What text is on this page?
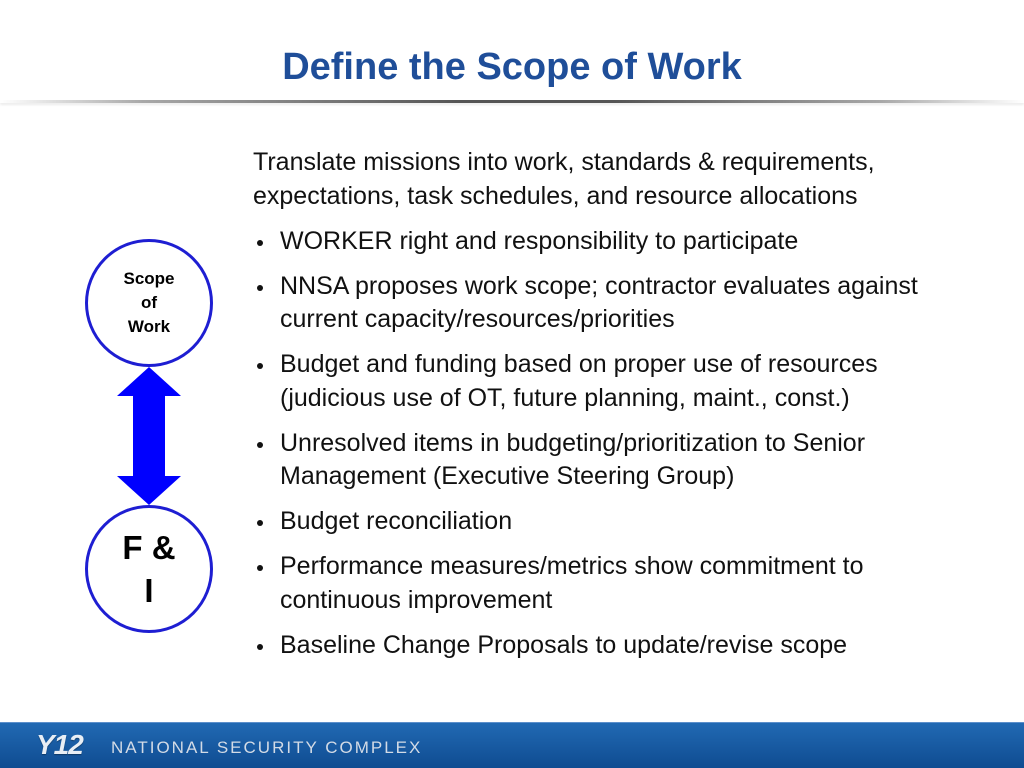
Define the Scope of Work
Scope
of
Work
F &
I

Translate missions into work, standards & requirements,
expectations, task schedules, and resource allocations

WORKER right and responsibility to participate
NNSA proposes work scope; contractor evaluates against
current capacity/resources/priorities
Budget and funding based on proper use of resources
(judicious use of OT, future planning, maint., const.)
Unresolved items in budgeting/prioritization to Senior
Management (Executive Steering Group)
Budget reconciliation
Performance measures/metrics show commitment to
continuous improvement
Baseline Change Proposals to update/revise scope
Y12 NATIONAL SECURITY COMPLEX
